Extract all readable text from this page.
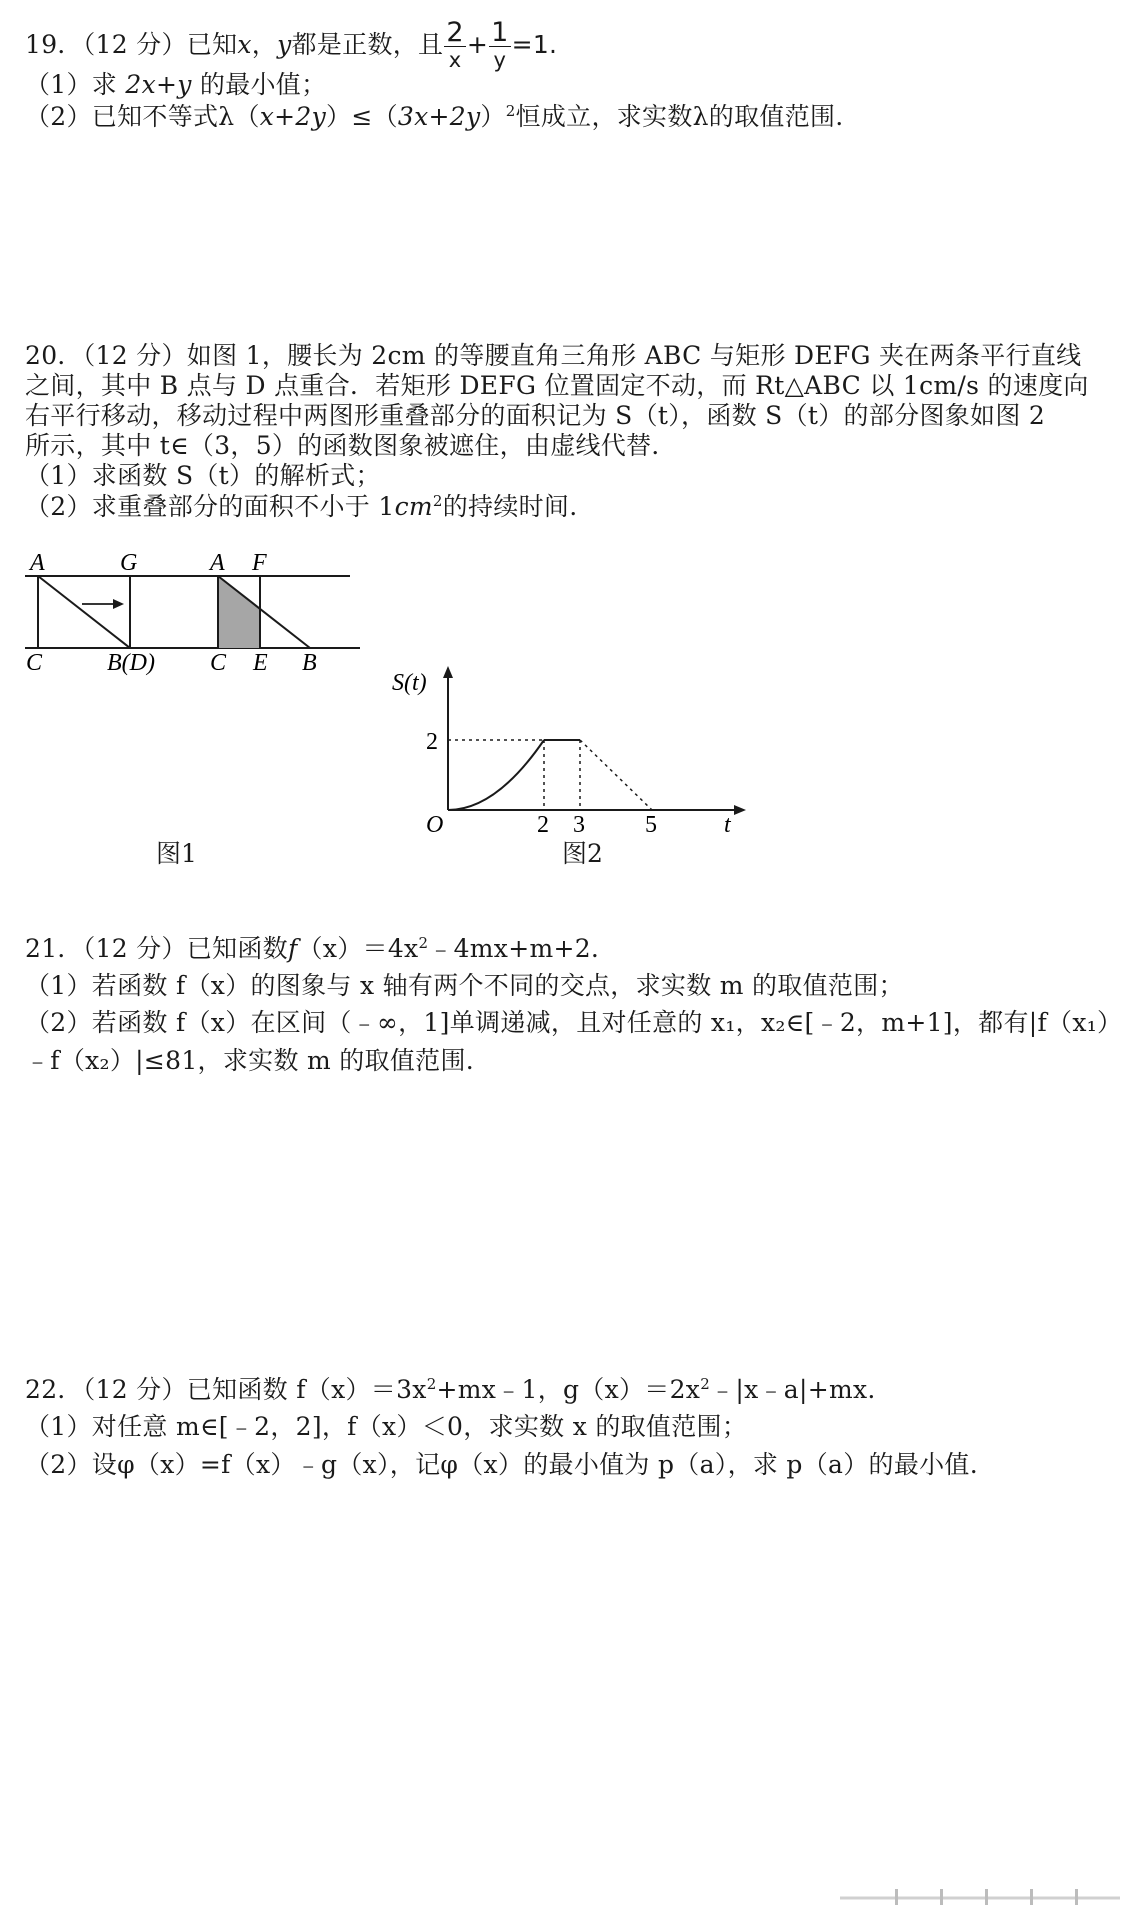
19．（12 分）已知x，y都是正数，且 $\frac{2}{x} + \frac{1}{y} =1$.
（1）求 2x+y 的最小值；
（2）已知不等式$\lambda(x+2y)\le(3x+2y)^2$恒成立，求实数λ的取值范围.
20．（12 分）如图 1，腰长为 2cm 的等腰直角三角形 ABC 与矩形 DEFG 夹在两条平行直线
之间，其中 B 点与 D 点重合．若矩形 DEFG 位置固定不动，而 Rt△ABC 以 1cm/s 的速度向
右平行移动，移动过程中两图形重叠部分的面积记为 S（t），函数 S（t）的部分图象如图 2
所示，其中 t∈（3，5）的函数图象被遮住，由虚线代替．
（1）求函数 S（t）的解析式；
（2）求重叠部分的面积不小于 $1cm^2$的持续时间.
A	G	A F
C	B(D) C E B
图1
S(t)
2
O	2 3	5	t
图2
21．（12 分）已知函数$f(x)=4x^2﹣4mx+m+2$.
（1）若函数 f（x）的图象与 x 轴有两个不同的交点，求实数 m 的取值范围；
（2）若函数 f（x）在区间（﹣∞，1]单调递减，且对任意的 x₁，x₂∈[﹣2，m+1]，都有|f（x₁）
﹣f（x₂）|≤81，求实数 m 的取值范围.
22．（12 分）已知函数 $f(x)=3x^2+mx﹣1$，$g(x)=2x^2﹣|x﹣a|+mx$.
（1）对任意 m∈[﹣2，2]，f（x）＜0，求实数 x 的取值范围；
（2）设φ（x）=f（x）﹣g（x），记φ（x）的最小值为 p（a），求 p（a）的最小值.
